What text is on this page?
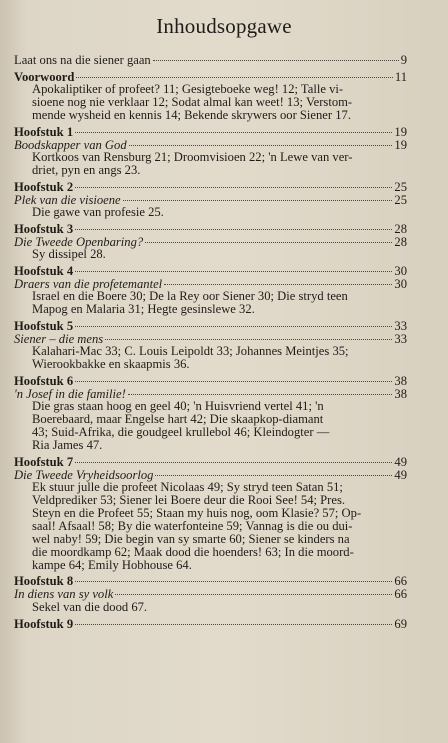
Inhoudsopgawe
Laat ons na die siener gaan	9
Voorwoord	11
Apokaliptiker of profeet? 11; Gesigteboeke weg! 12; Talle vi-
sioene nog nie verklaar 12; Sodat almal kan weet! 13; Verstom-
mende wysheid en kennis 14; Bekende skrywers oor Siener 17.
Hoofstuk 1	19
Boodskapper van God	19
Kortkoos van Rensburg 21; Droomvisioen 22; 'n Lewe van ver-
driet, pyn en angs 23.
Hoofstuk 2	25
Plek van die visioene	25
Die gawe van profesie 25.
Hoofstuk 3	28
Die Tweede Openbaring?	28
Sy dissipel 28.
Hoofstuk 4	30
Draers van die profetemantel	30
Israel en die Boere 30; De la Rey oor Siener 30; Die stryd teen
Mapog en Malaria 31; Hegte gesinslewe 32.
Hoofstuk 5	33
Siener – die mens	33
Kalahari-Mac 33; C. Louis Leipoldt 33; Johannes Meintjes 35;
Wierookbakke en skaapmis 36.
Hoofstuk 6	38
'n Josef in die familie!	38
Die gras staan hoog en geel 40; 'n Huisvriend vertel 41; 'n
Boerebaard, maar Engelse hart 42; Die skaapkop-diamant
43; Suid-Afrika, die goudgeel krullebol 46; Kleindogter —
Ria James 47.
Hoofstuk 7	49
Die Tweede Vryheidsoorlog	49
Ek stuur julle die profeet Nicolaas 49; Sy stryd teen Satan 51;
Veldprediker 53; Siener lei Boere deur die Rooi See! 54; Pres.
Steyn en die Profeet 55; Staan my huis nog, oom Klasie? 57; Op-
saal! Afsaal! 58; By die waterfonteine 59; Vannag is die ou dui-
wel naby! 59; Die begin van sy smarte 60; Siener se kinders na
die moordkamp 62; Maak dood die hoenders! 63; In die moord-
kampe 64; Emily Hobhouse 64.
Hoofstuk 8	66
In diens van sy volk	66
Sekel van die dood 67.
Hoofstuk 9	69
